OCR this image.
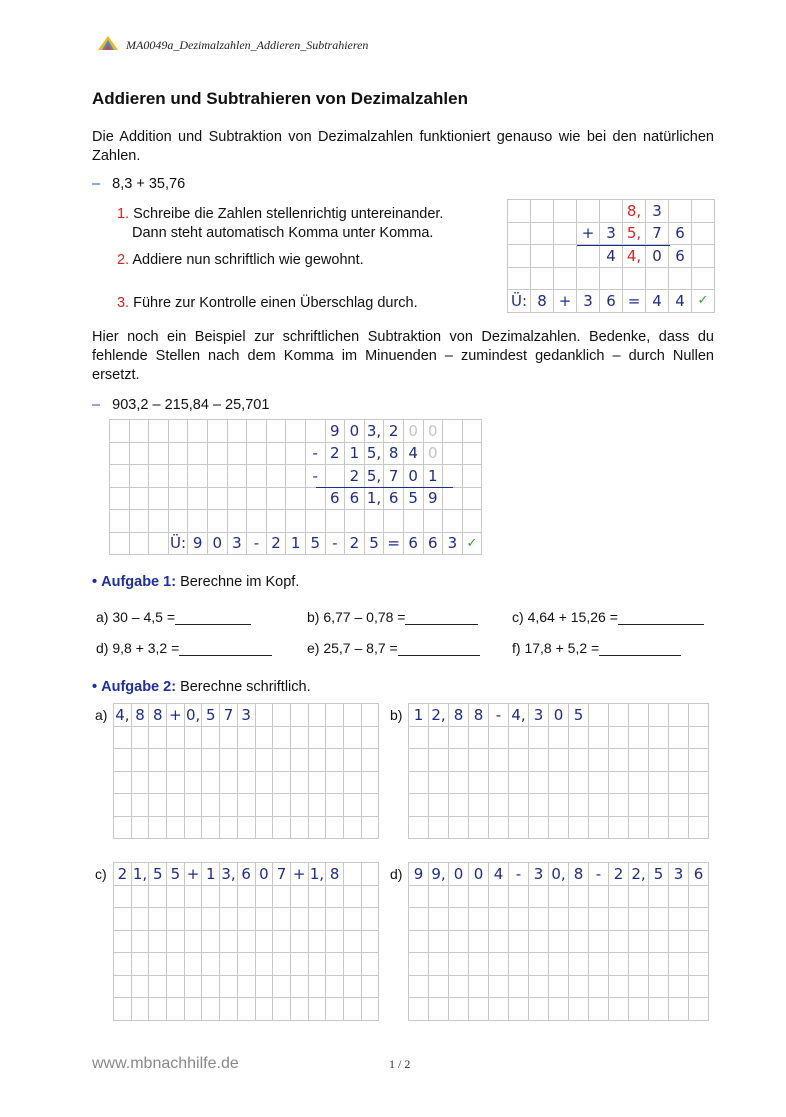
MA0049a_Dezimalzahlen_Addieren_Subtrahieren
Addieren und Subtrahieren von Dezimalzahlen
Die Addition und Subtraktion von Dezimalzahlen funktioniert genauso wie bei den natürlichen Zahlen.
– 8,3 + 35,76
1. Schreibe die Zahlen stellenrichtig untereinander.
Dann steht automatisch Komma unter Komma.
2. Addiere nun schriftlich wie gewohnt.
3. Führe zur Kontrolle einen Überschlag durch.
8, 3
+ 3 5, 7 6
4 4, 0 6
Ü: 8 + 3 6 = 4 4 ✓
Hier noch ein Beispiel zur schriftlichen Subtraktion von Dezimalzahlen. Bedenke, dass du fehlende Stellen nach dem Komma im Minuenden – zumindest gedanklich – durch Nullen ersetzt.
– 903,2 – 215,84 – 25,701
9 0 3, 2 0 0
- 2 1 5, 8 4 0
-	2 5, 7 0 1
6 6 1, 6 5 9
Ü: 9 0 3 - 2 1 5 - 2 5 = 6 6 3 ✓
• Aufgabe 1: Berechne im Kopf.
a) 30 – 4,5 =	b) 6,77 – 0,78 =	c) 4,64 + 15,26 =
d) 9,8 + 3,2 =	e) 25,7 – 8,7 =	f) 17,8 + 5,2 =
• Aufgabe 2: Berechne schriftlich.
a) 4, 8 8 + 0, 5 7 3	b) 1 2, 8 8 - 4, 3 0 5
c) 2 1, 5 5 + 1 3, 6 0 7 + 1, 8	d) 9 9, 0 0 4 - 3 0, 8 - 2 2, 5 3 6
www.mbnachhilfe.de	1 / 2
